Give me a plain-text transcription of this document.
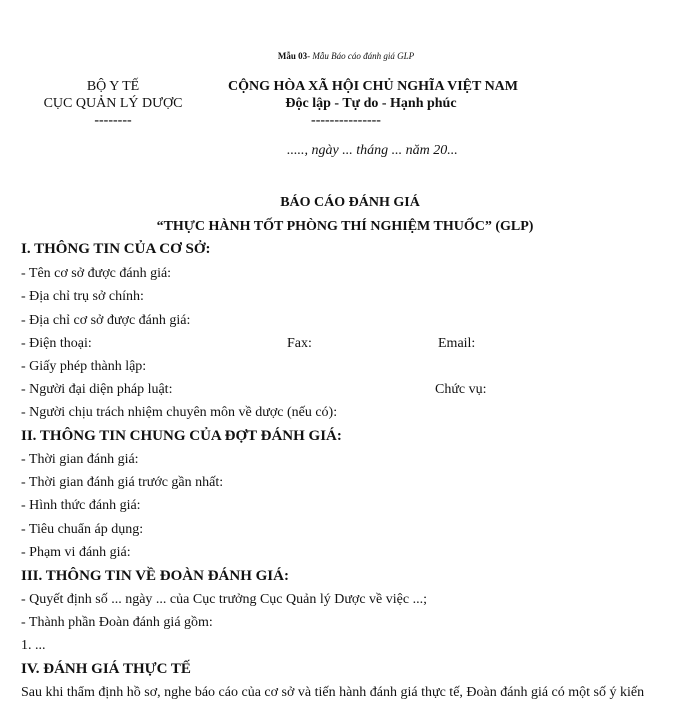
Mẫu 03- Mẫu Báo cáo đánh giá GLP
BỘ Y TẾ
CỤC QUẢN LÝ DƯỢC
--------
CỘNG HÒA XÃ HỘI CHỦ NGHĨA VIỆT NAM
Độc lập - Tự do - Hạnh phúc
---------------
....., ngày ... tháng ... năm 20...
BÁO CÁO ĐÁNH GIÁ
“THỰC HÀNH TỐT PHÒNG THÍ NGHIỆM THUỐC” (GLP)
I. THÔNG TIN CỦA CƠ SỞ:
- Tên cơ sở được đánh giá:
- Địa chỉ trụ sở chính:
- Địa chỉ cơ sở được đánh giá:
- Điện thoại:	Fax:	Email:
- Giấy phép thành lập:
- Người đại diện pháp luật:	Chức vụ:
- Người chịu trách nhiệm chuyên môn về dược (nếu có):
II. THÔNG TIN CHUNG CỦA ĐỢT ĐÁNH GIÁ:
- Thời gian đánh giá:
- Thời gian đánh giá trước gần nhất:
- Hình thức đánh giá:
- Tiêu chuẩn áp dụng:
- Phạm vi đánh giá:
III. THÔNG TIN VỀ ĐOÀN ĐÁNH GIÁ:
- Quyết định số ... ngày ... của Cục trưởng Cục Quản lý Dược về việc ...;
- Thành phần Đoàn đánh giá gồm:
1. ...
IV. ĐÁNH GIÁ THỰC TẾ
Sau khi thẩm định hồ sơ, nghe báo cáo của cơ sở và tiến hành đánh giá thực tế, Đoàn đánh giá có một số ý kiến
